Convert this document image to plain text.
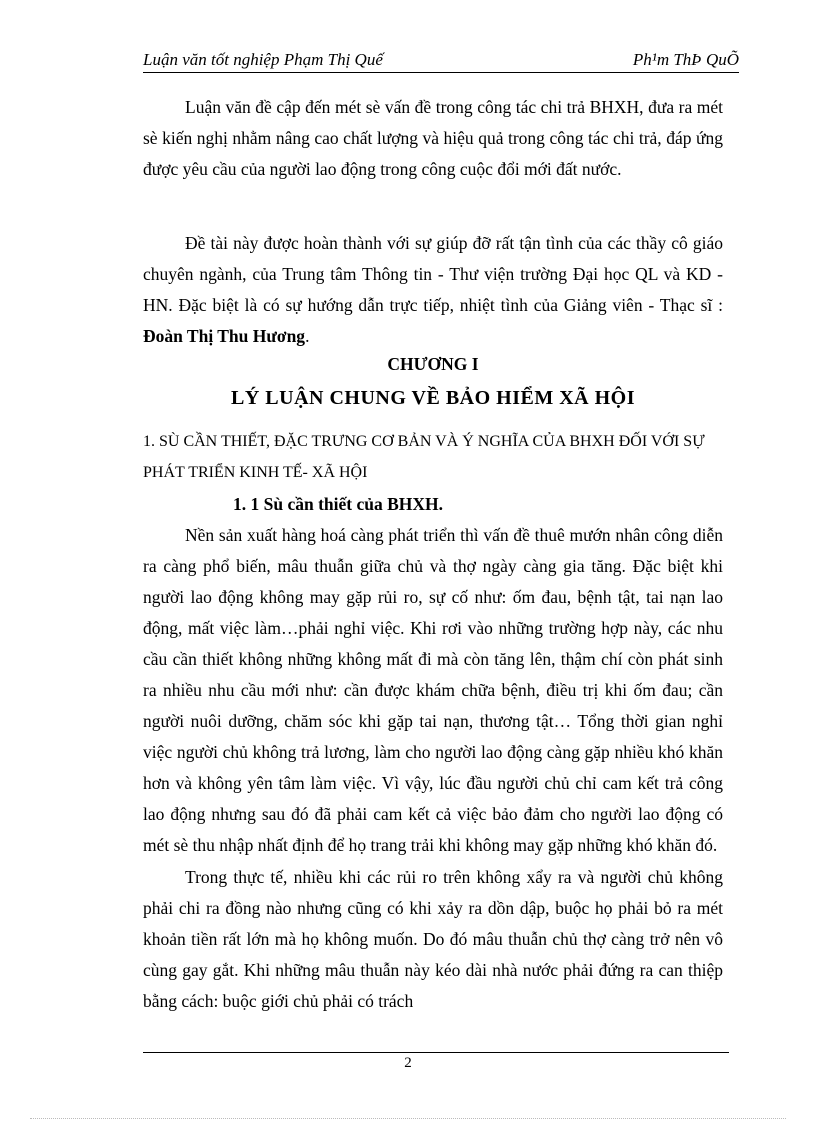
Luận văn tốt nghiệp Phạm Thị Quế	Ph¹m ThÞ QuÕ

Luận văn đề cập đến mét sè vấn đề trong công tác chi trả BHXH, đưa ra mét sè kiến nghị nhằm nâng cao chất lượng và hiệu quả trong công tác chi trả, đáp ứng được yêu cầu của người lao động trong công cuộc đổi mới đất nước.

Đề tài này được hoàn thành với sự giúp đỡ rất tận tình của các thầy cô giáo chuyên ngành, của Trung tâm Thông tin - Thư viện trường Đại học QL và KD - HN. Đặc biệt là có sự hướng dẫn trực tiếp, nhiệt tình của Giảng viên - Thạc sĩ : Đoàn Thị Thu Hương.

CHƯƠNG I
LÝ LUẬN CHUNG VỀ BẢO HIỂM XÃ HỘI
1. SÙ CẦN THIẾT, ĐẶC TRƯNG CƠ BẢN VÀ Ý NGHĨA CỦA BHXH ĐỐI VỚI SỰ PHÁT TRIỂN KINH TẾ- XÃ HỘI
1. 1 Sù cần thiết của BHXH.

Nền sản xuất hàng hoá càng phát triển thì vấn đề thuê mướn nhân công diễn ra càng phổ biến, mâu thuẫn giữa chủ và thợ ngày càng gia tăng. Đặc biệt khi người lao động không may gặp rủi ro, sự cố như: ốm đau, bệnh tật, tai nạn lao động, mất việc làm…phải nghỉ việc. Khi rơi vào những trường hợp này, các nhu cầu cần thiết không những không mất đi mà còn tăng lên, thậm chí còn phát sinh ra nhiều nhu cầu mới như: cần được khám chữa bệnh, điều trị khi ốm đau; cần người nuôi dưỡng, chăm sóc khi gặp tai nạn, thương tật… Tổng thời gian nghỉ việc người chủ không trả lương, làm cho người lao động càng gặp nhiều khó khăn hơn và không yên tâm làm việc. Vì vậy, lúc đầu người chủ chỉ cam kết trả công lao động nhưng sau đó đã phải cam kết cả việc bảo đảm cho người lao động có mét sè thu nhập nhất định để họ trang trải khi không may gặp những khó khăn đó.

Trong thực tế, nhiều khi các rủi ro trên không xẩy ra và người chủ không phải chi ra đồng nào nhưng cũng có khi xảy ra dồn dập, buộc họ phải bỏ ra mét khoản tiền rất lớn mà họ không muốn. Do đó mâu thuẫn chủ thợ càng trở nên vô cùng gay gắt. Khi những mâu thuẫn này kéo dài nhà nước phải đứng ra can thiệp bằng cách: buộc giới chủ phải có trách

2
